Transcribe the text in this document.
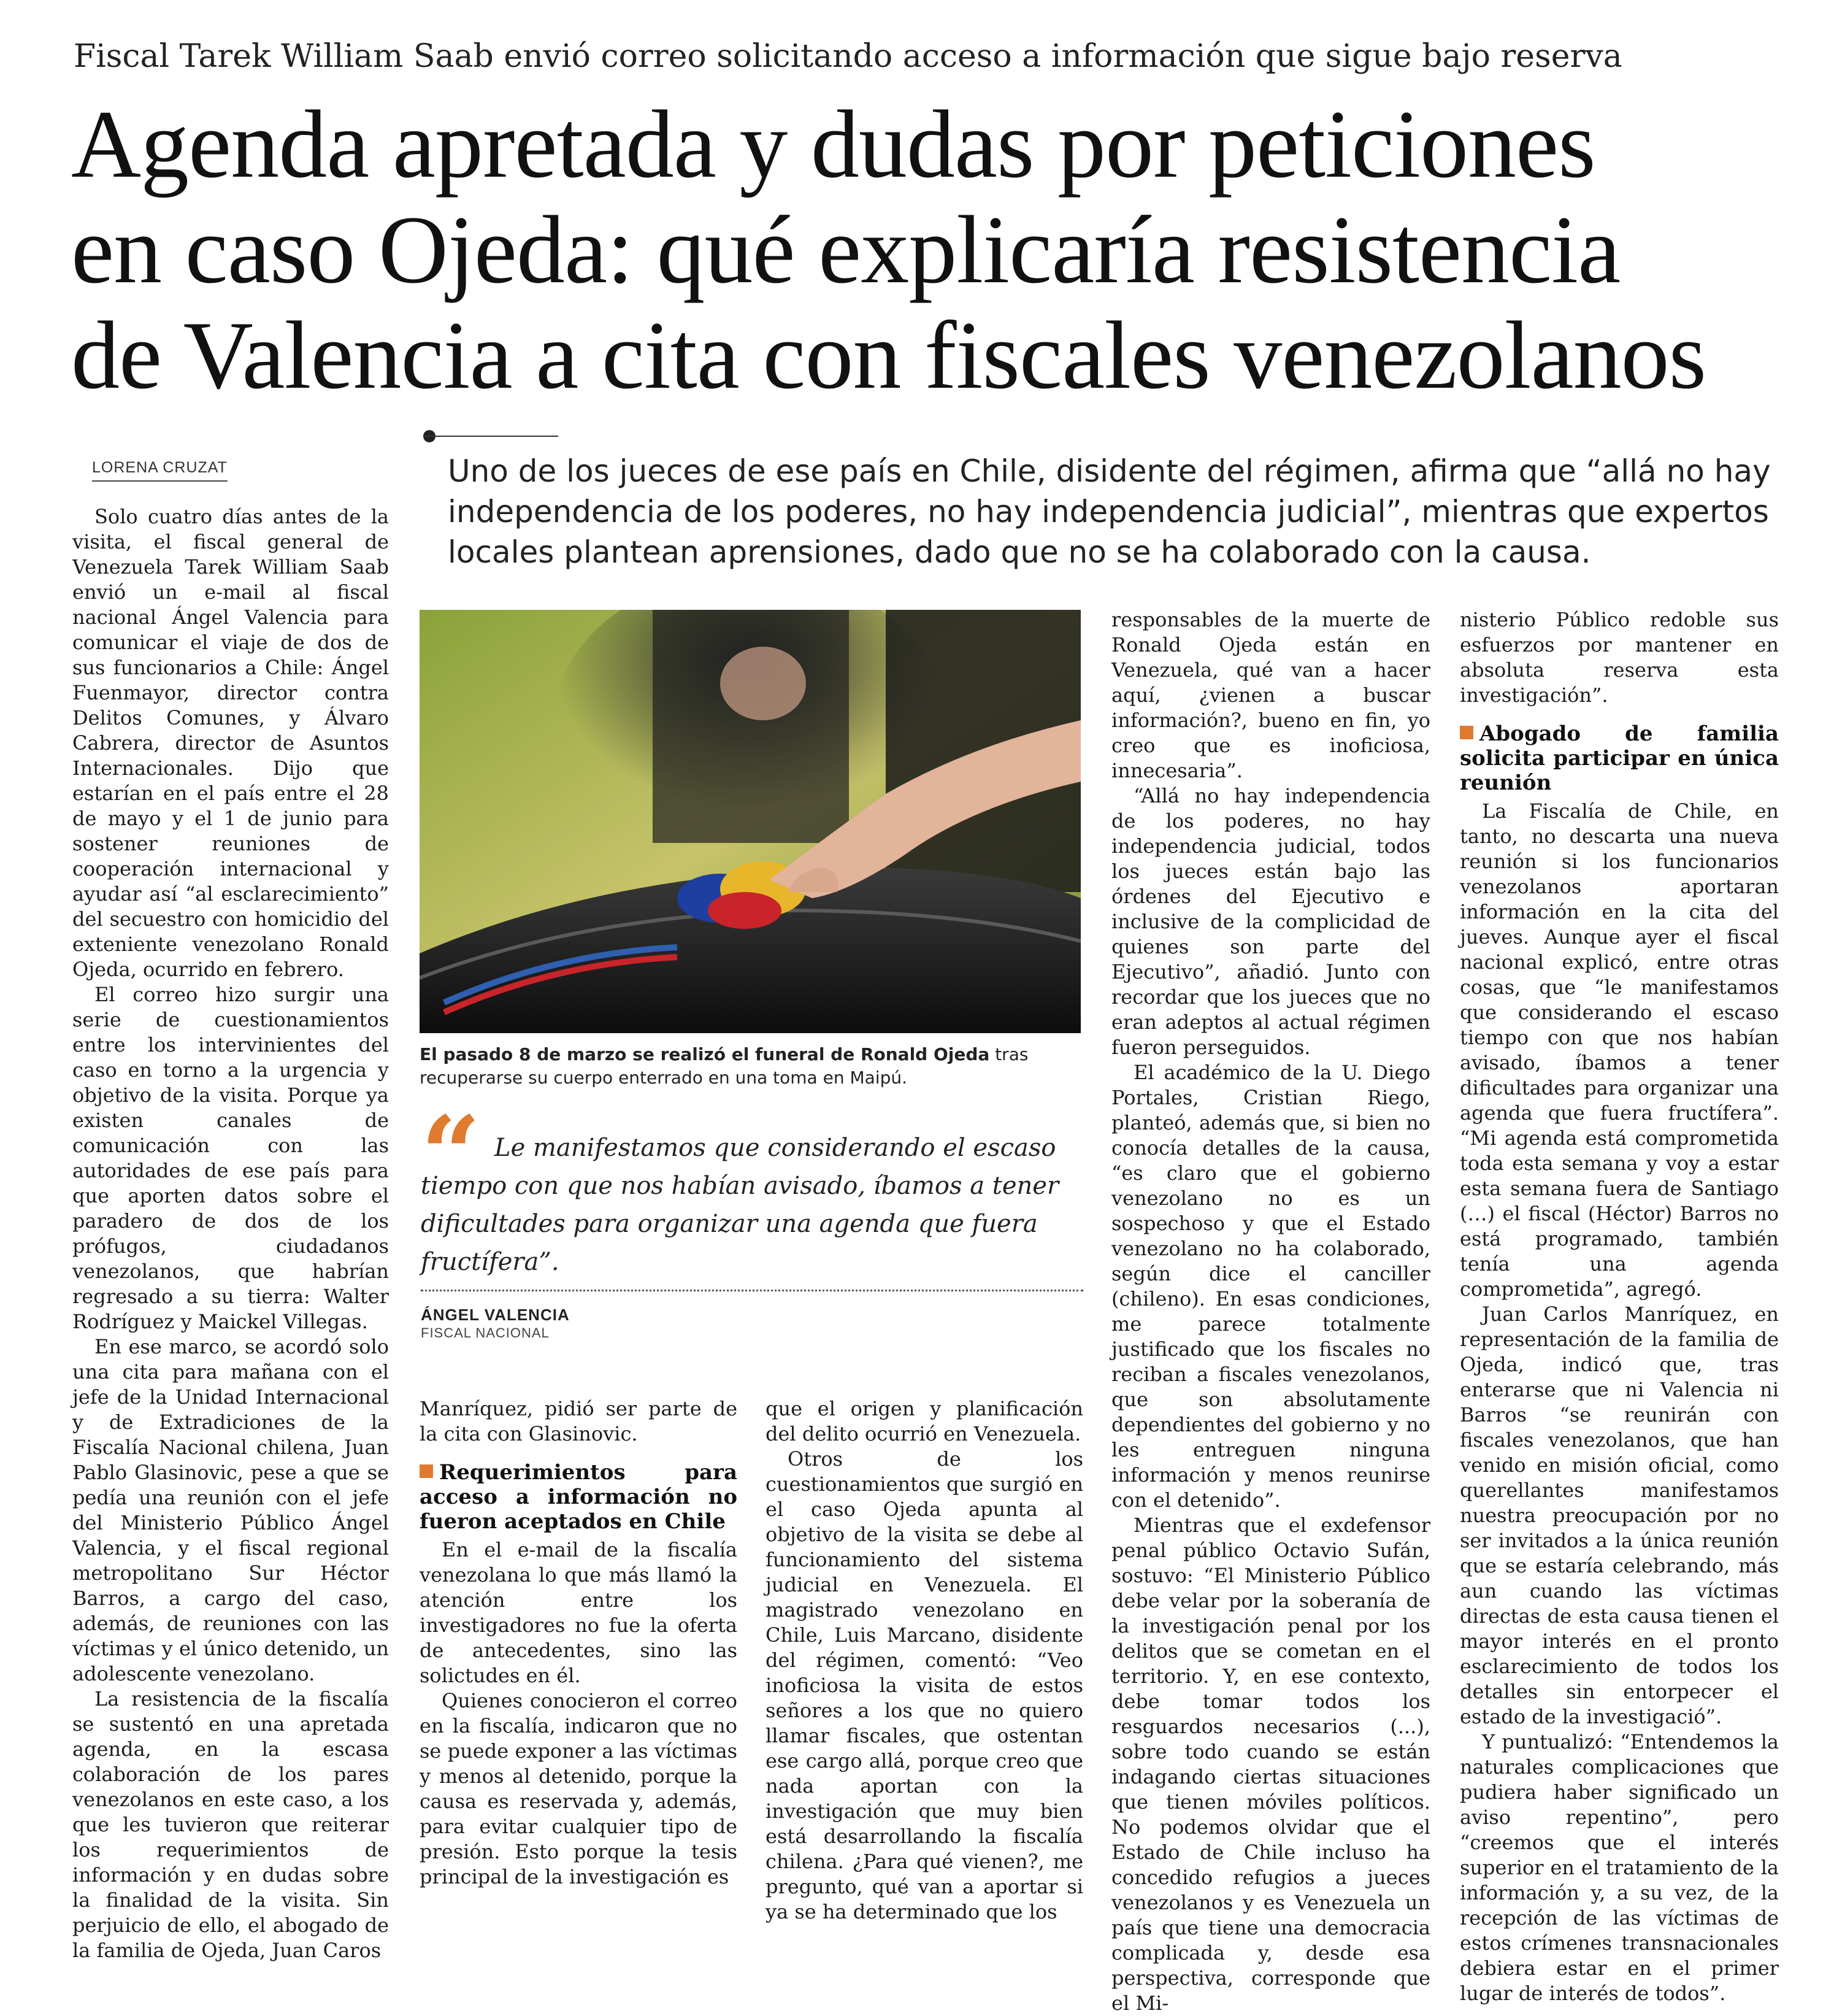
Fiscal Tarek William Saab envió correo solicitando acceso a información que sigue bajo reserva
Agenda apretada y dudas por peticiones
en caso Ojeda: qué explicaría resistencia
de Valencia a cita con fiscales venezolanos
LORENA CRUZAT	Uno de los jueces de ese país en Chile, disidente del régimen, afirma que “allá no hay independencia de los poderes, no hay independencia judicial”, mientras que expertos locales plantean aprensiones, dado que no se ha colaborado con la causa.

Solo cuatro días antes de la visita, el fiscal general de Venezuela Tarek William Saab envió un e-mail al fiscal nacional Ángel Valencia para comunicar el viaje de dos de sus funcionarios a Chile: Ángel Fuenmayor, director contra Delitos Comunes, y Álvaro Cabrera, director de Asuntos Internacionales. Dijo que estarían en el país entre el 28 de mayo y el 1 de junio para sostener reuniones de cooperación internacional y ayudar así “al esclarecimiento” del secuestro con homicidio del exteniente venezolano Ronald Ojeda, ocurrido en febrero.

El correo hizo surgir una serie de cuestionamientos entre los intervinientes del caso en torno a la urgencia y objetivo de la visita. Porque ya existen canales de comunicación con las autoridades de ese país para que aporten datos sobre el paradero de dos de los prófugos, ciudadanos venezolanos, que habrían regresado a su tierra: Walter Rodríguez y Maickel Villegas.

En ese marco, se acordó solo una cita para mañana con el jefe de la Unidad Internacional y de Extradiciones de la Fiscalía Nacional chilena, Juan Pablo Glasinovic, pese a que se pedía una reunión con el jefe del Ministerio Público Ángel Valencia, y el fiscal regional metropolitano Sur Héctor Barros, a cargo del caso, además, de reuniones con las víctimas y el único detenido, un adolescente venezolano.

La resistencia de la fiscalía se sustentó en una apretada agenda, en la escasa colaboración de los pares venezolanos en este caso, a los que les tuvieron que reiterar los requerimientos de información y en dudas sobre la finalidad de la visita. Sin perjuicio de ello, el abogado de la familia de Ojeda, Juan Caros

El pasado 8 de marzo se realizó el funeral de Ronald Ojeda tras recuperarse su cuerpo enterrado en una toma en Maipú.
“ Le manifestamos que considerando el escaso tiempo con que nos habían avisado, íbamos a tener dificultades para organizar una agenda que fuera fructífera”.
ÁNGEL VALENCIA
FISCAL NACIONAL

Manríquez, pidió ser parte de la cita con Glasinovic.

Requerimientos para acceso a información no fueron aceptados en Chile

En el e-mail de la fiscalía venezolana lo que más llamó la atención entre los investigadores no fue la oferta de antecedentes, sino las solictudes en él.

Quienes conocieron el correo en la fiscalía, indicaron que no se puede exponer a las víctimas y menos al detenido, porque la causa es reservada y, además, para evitar cualquier tipo de presión. Esto porque la tesis principal de la investigación es

que el origen y planificación del delito ocurrió en Venezuela.

Otros de los cuestionamientos que surgió en el caso Ojeda apunta al objetivo de la visita se debe al funcionamiento del sistema judicial en Venezuela. El magistrado venezolano en Chile, Luis Marcano, disidente del régimen, comentó: “Veo inoficiosa la visita de estos señores a los que no quiero llamar fiscales, que ostentan ese cargo allá, porque creo que nada aportan con la investigación que muy bien está desarrollando la fiscalía chilena. ¿Para qué vienen?, me pregunto, qué van a aportar si ya se ha determinado que los

responsables de la muerte de Ronald Ojeda están en Venezuela, qué van a hacer aquí, ¿vienen a buscar información?, bueno en fin, yo creo que es inoficiosa, innecesaria”.

“Allá no hay independencia de los poderes, no hay independencia judicial, todos los jueces están bajo las órdenes del Ejecutivo e inclusive de la complicidad de quienes son parte del Ejecutivo”, añadió. Junto con recordar que los jueces que no eran adeptos al actual régimen fueron perseguidos.

El académico de la U. Diego Portales, Cristian Riego, planteó, además que, si bien no conocía detalles de la causa, “es claro que el gobierno venezolano no es un sospechoso y que el Estado venezolano no ha colaborado, según dice el canciller (chileno). En esas condiciones, me parece totalmente justificado que los fiscales no reciban a fiscales venezolanos, que son absolutamente dependientes del gobierno y no les entreguen ninguna información y menos reunirse con el detenido”.

Mientras que el exdefensor penal público Octavio Sufán, sostuvo: “El Ministerio Público debe velar por la soberanía de la investigación penal por los delitos que se cometan en el territorio. Y, en ese contexto, debe tomar todos los resguardos necesarios (...), sobre todo cuando se están indagando ciertas situaciones que tienen móviles políticos. No podemos olvidar que el Estado de Chile incluso ha concedido refugios a jueces venezolanos y es Venezuela un país que tiene una democracia complicada y, desde esa perspectiva, corresponde que el Mi-

nisterio Público redoble sus esfuerzos por mantener en absoluta reserva esta investigación”.

Abogado de familia solicita participar en única reunión

La Fiscalía de Chile, en tanto, no descarta una nueva reunión si los funcionarios venezolanos aportaran información en la cita del jueves. Aunque ayer el fiscal nacional explicó, entre otras cosas, que “le manifestamos que considerando el escaso tiempo con que nos habían avisado, íbamos a tener dificultades para organizar una agenda que fuera fructífera”. “Mi agenda está comprometida toda esta semana y voy a estar esta semana fuera de Santiago (…) el fiscal (Héctor) Barros no está programado, también tenía una agenda comprometida”, agregó.

Juan Carlos Manríquez, en representación de la familia de Ojeda, indicó que, tras enterarse que ni Valencia ni Barros “se reunirán con fiscales venezolanos, que han venido en misión oficial, como querellantes manifestamos nuestra preocupación por no ser invitados a la única reunión que se estaría celebrando, más aun cuando las víctimas directas de esta causa tienen el mayor interés en el pronto esclarecimiento de todos los detalles sin entorpecer el estado de la investigació”.

Y puntualizó: “Entendemos la naturales complicaciones que pudiera haber significado un aviso repentino”, pero “creemos que el interés superior en el tratamiento de la información y, a su vez, de la recepción de las víctimas de estos crímenes transnacionales debiera estar en el primer lugar de interés de todos”.
